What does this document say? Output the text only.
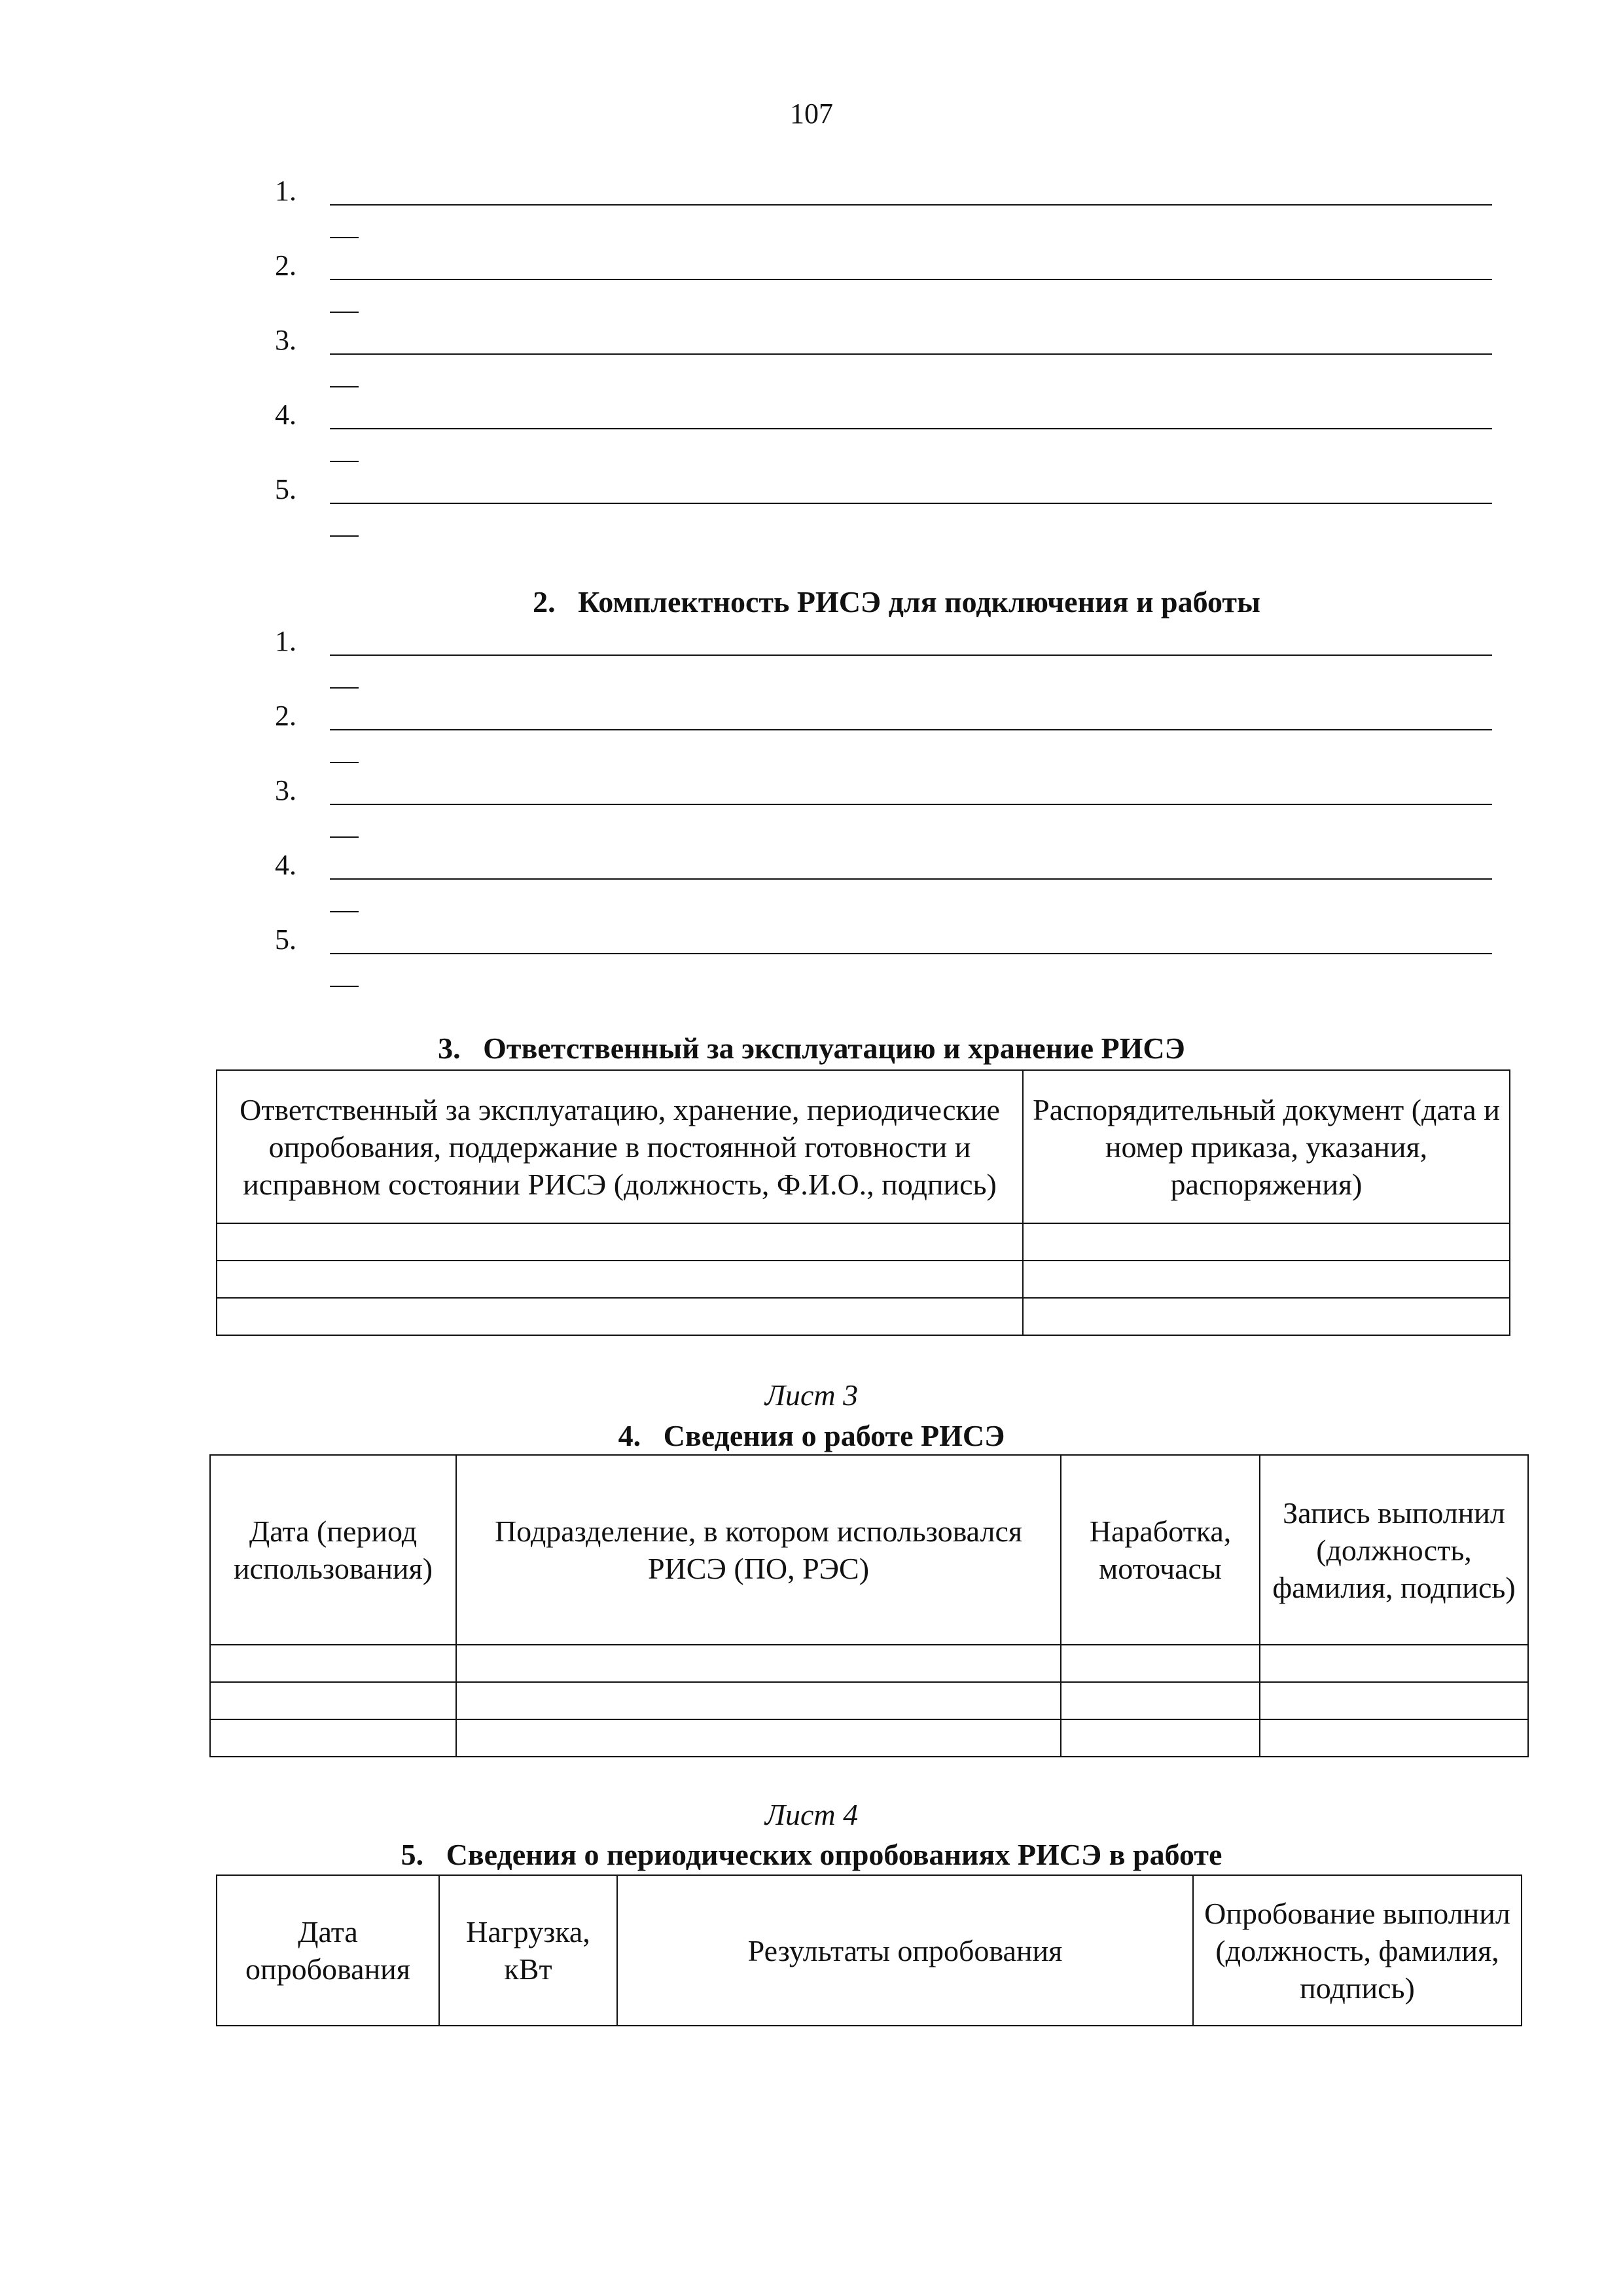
107
1.
2.
3.
4.
5.
2.   Комплектность РИСЭ для подключения и работы
1.
2.
3.
4.
5.
3.   Ответственный за эксплуатацию и хранение РИСЭ
Ответственный за эксплуатацию, хранение, периодические опробования, поддержание в постоянной готовности и исправном состоянии РИСЭ (должность, Ф.И.О., подпись)	Распорядительный документ (дата и номер приказа, указания, распоряжения)

Лист 3
4.   Сведения о работе РИСЭ
Дата (период использования)	Подразделение, в котором использовался РИСЭ (ПО, РЭС)	Наработка, моточасы	Запись выполнил (должность, фамилия, подпись)

Лист 4
5.   Сведения о периодических опробованиях РИСЭ в работе
Дата опробования	Нагрузка, кВт	Результаты опробования	Опробование выполнил (должность, фамилия, подпись)
